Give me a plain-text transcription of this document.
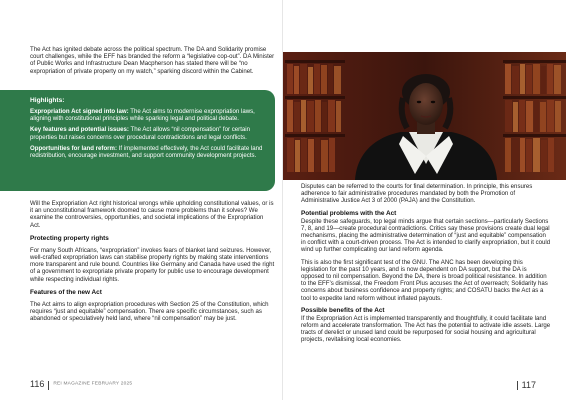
The Act has ignited debate across the political spectrum. The DA and Solidarity promise court challenges, while the EFF has branded the reform a “legislative cop-out”. DA Minister of Public Works and Infrastructure Dean Macpherson has stated there will be “no expropriation of private property on my watch,” sparking discord within the Cabinet.

Highlights:

Expropriation Act signed into law: The Act aims to modernise expropriation laws, aligning with constitutional principles while sparking legal and political debate.

Key features and potential issues: The Act allows “nil compensation” for certain properties but raises concerns over procedural contradictions and legal conflicts.

Opportunities for land reform: If implemented effectively, the Act could facilitate land redistribution, encourage investment, and support community development projects.

Will the Expropriation Act right historical wrongs while upholding constitutional values, or is it an unconstitutional framework doomed to cause more problems than it solves? We examine the controversies, opportunities, and societal implications of the Expropriation Act.

Protecting property rights

For many South Africans, “expropriation” invokes fears of blanket land seizures. However, well-crafted expropriation laws can stabilise property rights by making state interventions more transparent and rule bound. Countries like Germany and Canada have used the right of a government to expropriate private property for public use to encourage development while respecting individual rights.

Features of the new Act

The Act aims to align expropriation procedures with Section 25 of the Constitution, which requires “just and equitable” compensation. There are specific circumstances, such as abandoned or speculatively held land, where “nil compensation” may be just.

116 REI MAGAZINE FEBRUARY 2025

Disputes can be referred to the courts for final determination. In principle, this ensures adherence to fair administrative procedures mandated by both the Promotion of Administrative Justice Act 3 of 2000 (PAJA) and the Constitution.

Potential problems with the Act

Despite these safeguards, top legal minds argue that certain sections—particularly Sections 7, 8, and 19—create procedural contradictions. Critics say these provisions create dual legal mechanisms, placing the administrative determination of “just and equitable” compensation in conflict with a court-driven process. The Act is intended to clarify expropriation, but it could wind up further complicating our land reform agenda.

This is also the first significant test of the GNU. The ANC has been developing this legislation for the past 10 years, and is now dependent on DA support, but the DA is opposed to nil compensation. Beyond the DA, there is broad political resistance. In addition to the EFF’s dismissal, the Freedom Front Plus accuses the Act of overreach; Solidarity has concerns about business confidence and property rights; and COSATU backs the Act as a tool to expedite land reform without inflated payouts.

Possible benefits of the Act

If the Expropriation Act is implemented transparently and thoughtfully, it could facilitate land reform and accelerate transformation. The Act has the potential to activate idle assets. Large tracts of derelict or unused land could be repurposed for social housing and agricultural projects, revitalising local economies.

117
